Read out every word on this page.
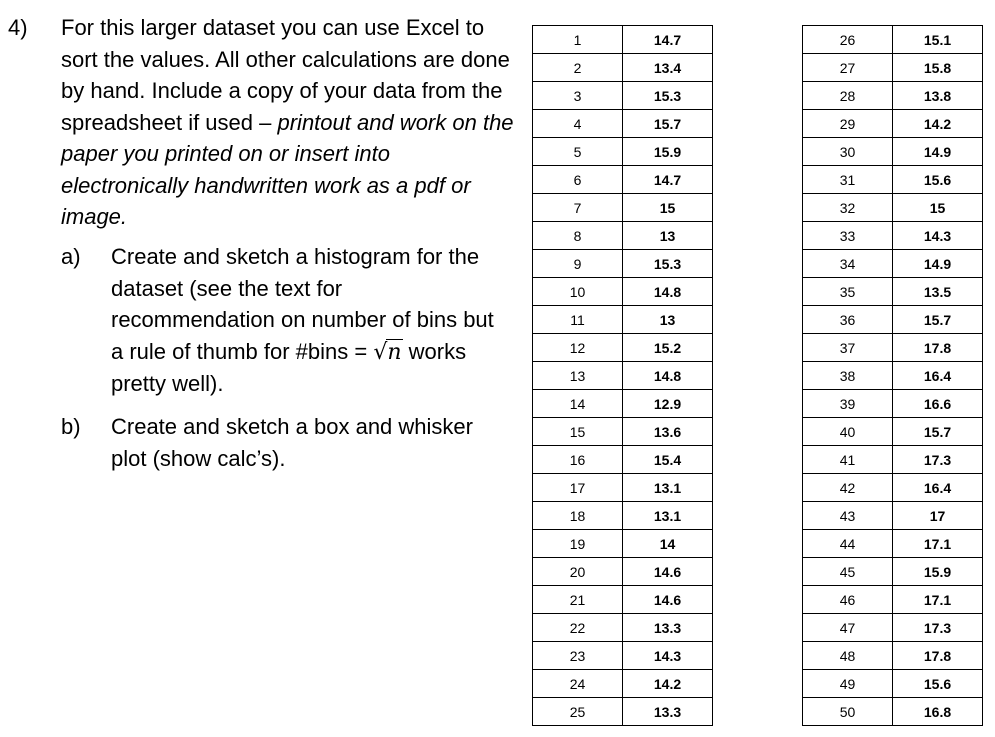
4) For this larger dataset you can use Excel to sort the values. All other calculations are done by hand. Include a copy of your data from the spreadsheet if used – printout and work on the paper you printed on or insert into electronically handwritten work as a pdf or image.
a) Create and sketch a histogram for the dataset (see the text for recommendation on number of bins but a rule of thumb for #bins = √n works pretty well).
b) Create and sketch a box and whisker plot (show calc’s).
1	14.7
2	13.4
3	15.3
4	15.7
5	15.9
6	14.7
7	15
8	13
9	15.3
10	14.8
11	13
12	15.2
13	14.8
14	12.9
15	13.6
16	15.4
17	13.1
18	13.1
19	14
20	14.6
21	14.6
22	13.3
23	14.3
24	14.2
25	13.3
26	15.1
27	15.8
28	13.8
29	14.2
30	14.9
31	15.6
32	15
33	14.3
34	14.9
35	13.5
36	15.7
37	17.8
38	16.4
39	16.6
40	15.7
41	17.3
42	16.4
43	17
44	17.1
45	15.9
46	17.1
47	17.3
48	17.8
49	15.6
50	16.8
